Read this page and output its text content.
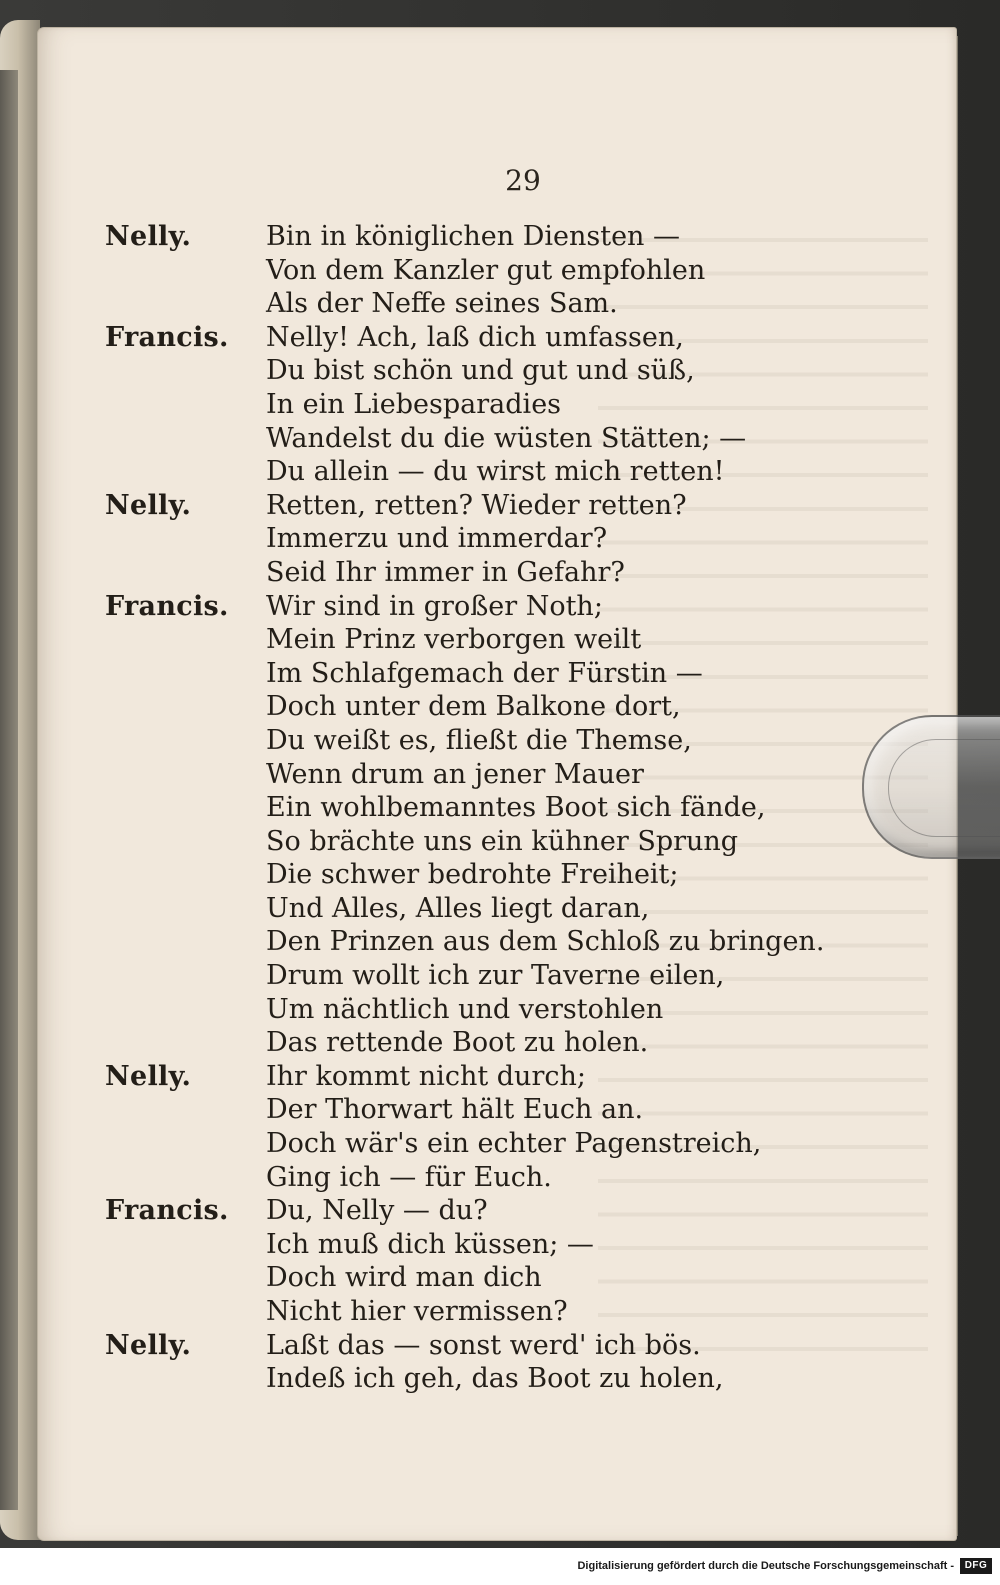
29
Nelly.	Bin in königlichen Diensten —
Von dem Kanzler gut empfohlen
Als der Neffe seines Sam.
Francis. Nelly! Ach, laß dich umfassen,
Du bist schön und gut und süß,
In ein Liebesparadies
Wandelst du die wüsten Stätten; —
Du allein — du wirst mich retten!
Nelly.	Retten, retten? Wieder retten?
Immerzu und immerdar?
Seid Ihr immer in Gefahr?
Francis. Wir sind in großer Noth;
Mein Prinz verborgen weilt
Im Schlafgemach der Fürstin —
Doch unter dem Balkone dort,
Du weißt es, fließt die Themse,
Wenn drum an jener Mauer
Ein wohlbemanntes Boot sich fände,
So brächte uns ein kühner Sprung
Die schwer bedrohte Freiheit;
Und Alles, Alles liegt daran,
Den Prinzen aus dem Schloß zu bringen.
Drum wollt ich zur Taverne eilen,
Um nächtlich und verstohlen
Das rettende Boot zu holen.
Nelly.	Ihr kommt nicht durch;
Der Thorwart hält Euch an.
Doch wär's ein echter Pagenstreich,
Ging ich — für Euch.
Francis. Du, Nelly — du?
Ich muß dich küssen; —
Doch wird man dich
Nicht hier vermissen?
Nelly.	Laßt das — sonst werd' ich bös.
Indeß ich geh, das Boot zu holen,
Digitalisierung gefördert durch die Deutsche Forschungsgemeinschaft -	DFG
